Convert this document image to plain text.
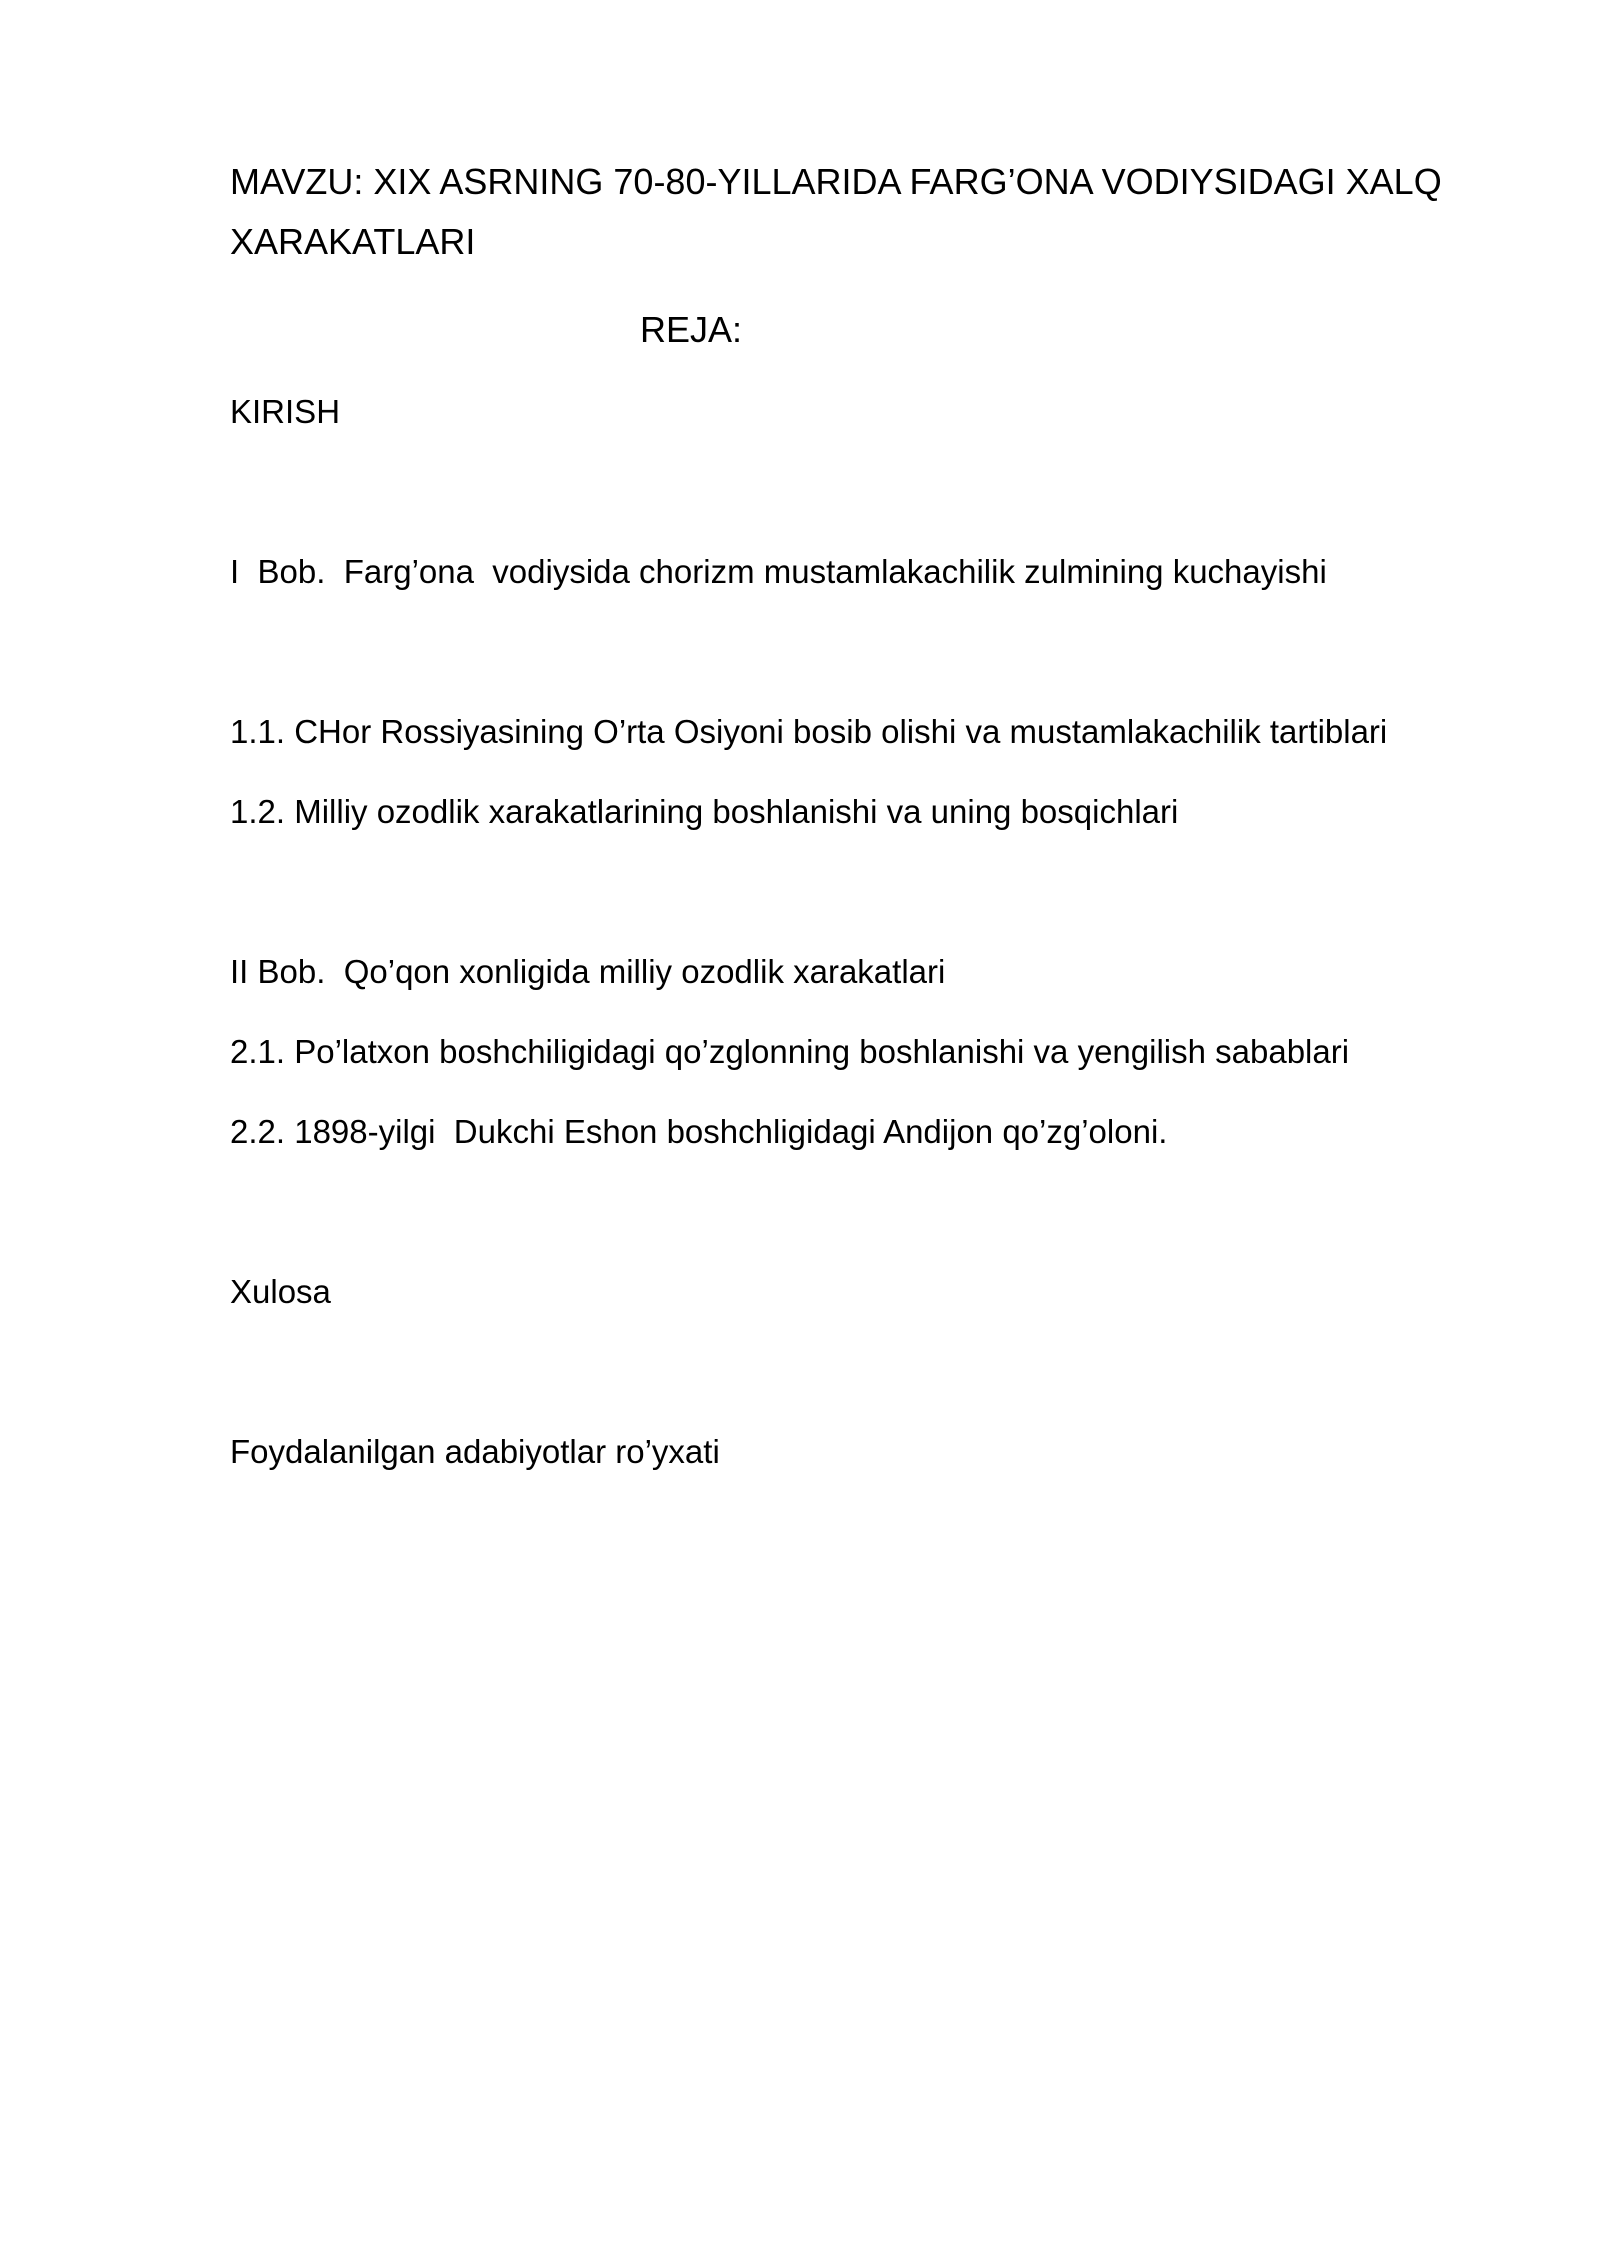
MAVZU: XIX ASRNING 70-80-YILLARIDA FARG’ONA VODIYSIDAGI XALQ XARAKATLARI
REJA:
KIRISH
I  Bob.  Farg’ona  vodiysida chorizm mustamlakachilik zulmining kuchayishi
1.1. CHor Rossiyasining O’rta Osiyoni bosib olishi va mustamlakachilik tartiblari
1.2. Milliy ozodlik xarakatlarining boshlanishi va uning bosqichlari
II Bob.  Qo’qon xonligida milliy ozodlik xarakatlari
2.1. Po’latxon boshchiligidagi qo’zglonning boshlanishi va yengilish sabablari
2.2. 1898-yilgi  Dukchi Eshon boshchligidagi Andijon qo’zg’oloni.
Xulosa
Foydalanilgan adabiyotlar ro’yxati
